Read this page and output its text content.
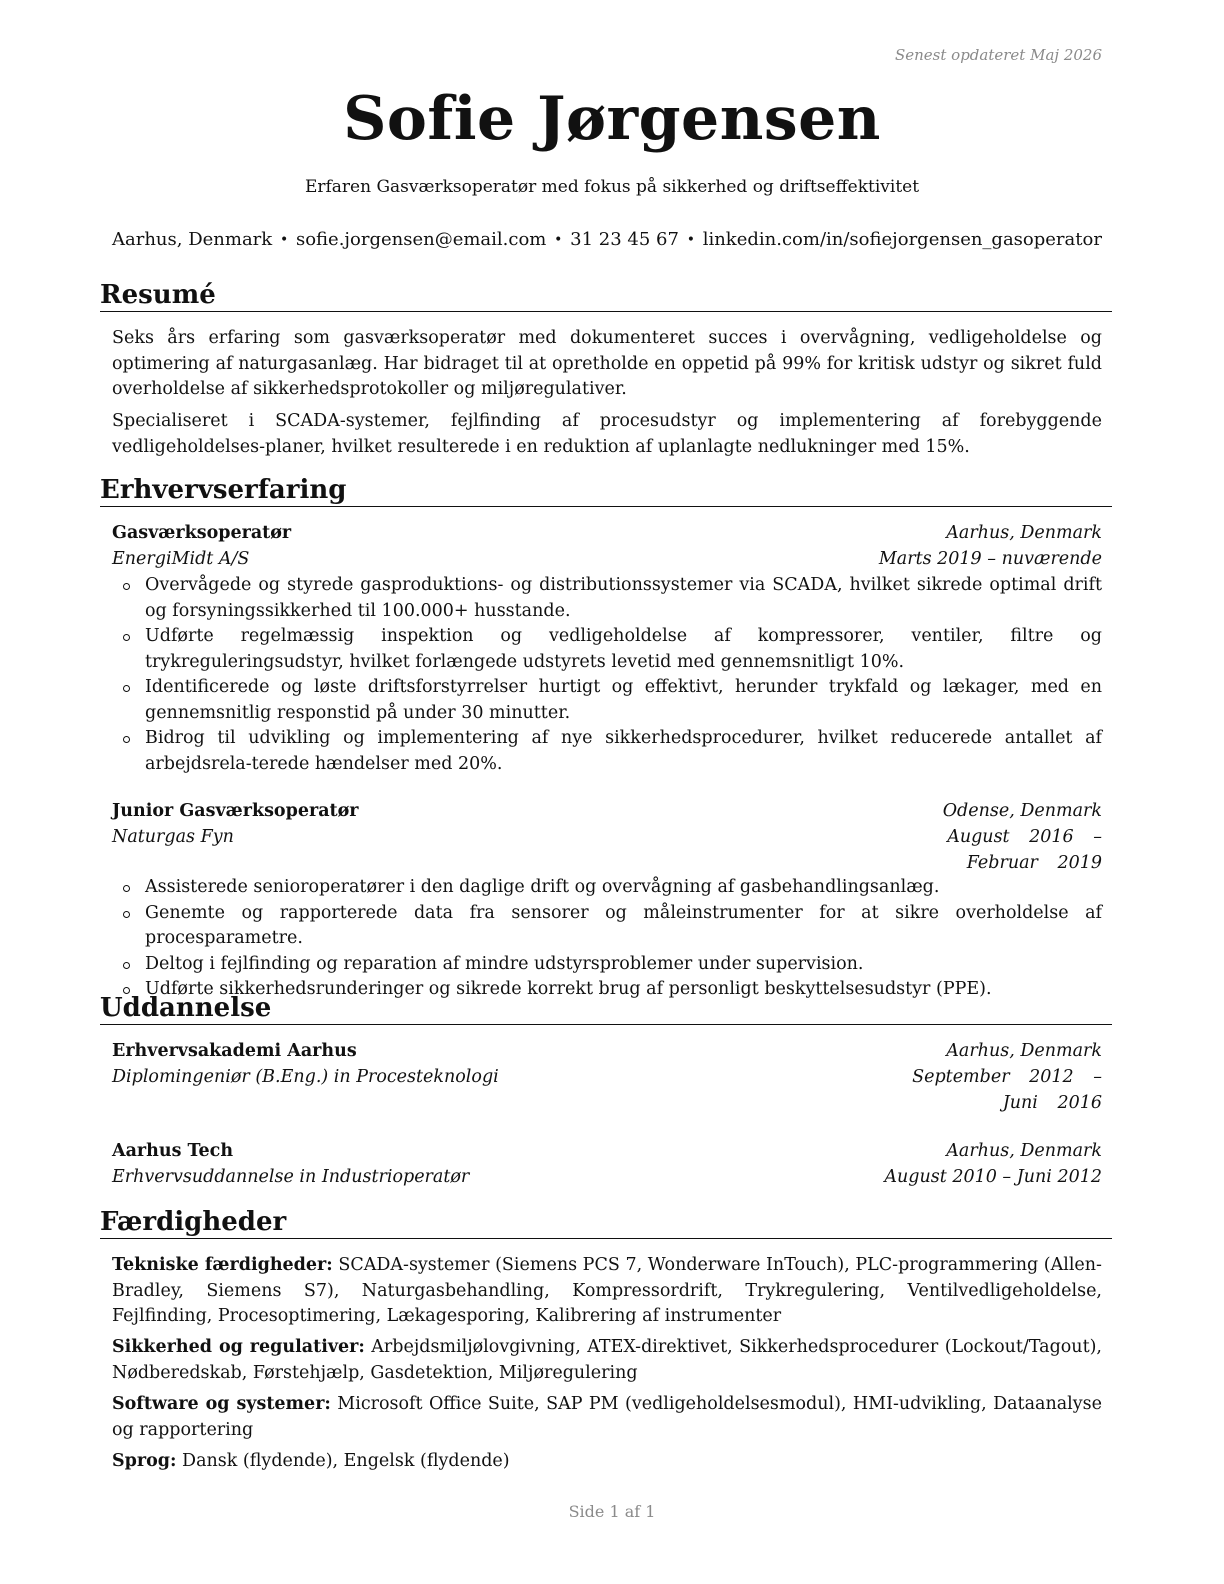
Senest opdateret Maj 2026
Sofie Jørgensen
Erfaren Gasværksoperatør med fokus på sikkerhed og driftseffektivitet
Aarhus, Denmark • sofie.jorgensen@email.com • 31 23 45 67 • linkedin.com/in/sofiejorgensen_gasoperator
Resumé
Seks års erfaring som gasværksoperatør med dokumenteret succes i overvågning, vedligeholdelse og optimering af naturgasanlæg. Har bidraget til at opretholde en oppetid på 99% for kritisk udstyr og sikret fuld overholdelse af sikkerhedsprotokoller og miljøregulativer.
Specialiseret i SCADA-systemer, fejlfinding af procesudstyr og implementering af forebyggende vedligeholdelses-planer, hvilket resulterede i en reduktion af uplanlagte nedlukninger med 15%.
Erhvervserfaring
Gasværksoperatør	Aarhus, Denmark
EnergiMidt A/S	Marts 2019 – nuværende
Overvågede og styrede gasproduktions- og distributionssystemer via SCADA, hvilket sikrede optimal drift og forsyningssikkerhed til 100.000+ husstande.
Udførte regelmæssig inspektion og vedligeholdelse af kompressorer, ventiler, filtre og trykreguleringsudstyr, hvilket forlængede udstyrets levetid med gennemsnitligt 10%.
Identificerede og løste driftsforstyrrelser hurtigt og effektivt, herunder trykfald og lækager, med en gennemsnitlig responstid på under 30 minutter.
Bidrog til udvikling og implementering af nye sikkerhedsprocedurer, hvilket reducerede antallet af arbejdsrela-terede hændelser med 20%.
Junior Gasværksoperatør	Odense, Denmark
Naturgas Fyn	August 2016 – Februar 2019
Assisterede senioroperatører i den daglige drift og overvågning af gasbehandlingsanlæg.
Genemte og rapporterede data fra sensorer og måleinstrumenter for at sikre overholdelse af procesparametre.
Deltog i fejlfinding og reparation af mindre udstyrsproblemer under supervision.
Udførte sikkerhedsrunderinger og sikrede korrekt brug af personligt beskyttelsesudstyr (PPE).
Uddannelse
Erhvervsakademi Aarhus	Aarhus, Denmark
Diplomingeniør (B.Eng.) in Procesteknologi	September 2012 – Juni 2016
Aarhus Tech	Aarhus, Denmark
Erhvervsuddannelse in Industrioperatør	August 2010 – Juni 2012
Færdigheder
Tekniske færdigheder: SCADA-systemer (Siemens PCS 7, Wonderware InTouch), PLC-programmering (Allen-Bradley, Siemens S7), Naturgasbehandling, Kompressordrift, Trykregulering, Ventilvedligeholdelse, Fejlfinding, Procesoptimering, Lækagesporing, Kalibrering af instrumenter
Sikkerhed og regulativer: Arbejdsmiljølovgivning, ATEX-direktivet, Sikkerhedsprocedurer (Lockout/Tagout), Nødberedskab, Førstehjælp, Gasdetektion, Miljøregulering
Software og systemer: Microsoft Office Suite, SAP PM (vedligeholdelsesmodul), HMI-udvikling, Dataanalyse og rapportering
Sprog: Dansk (flydende), Engelsk (flydende)
Side 1 af 1
